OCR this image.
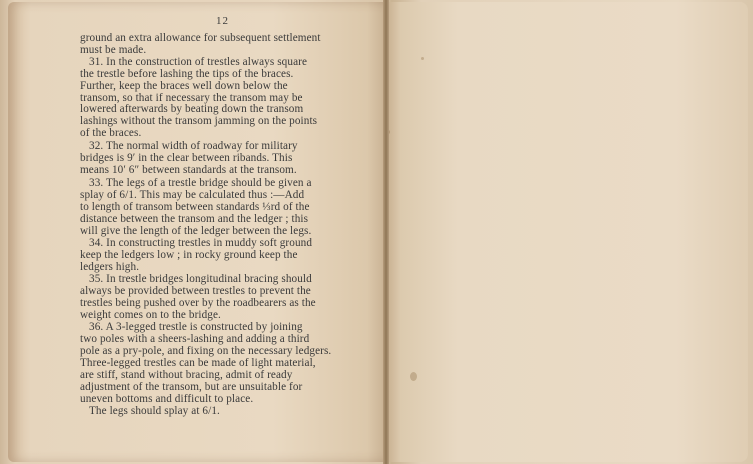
12
ground an extra allowance for subsequent settlement
must be made.
31. In the construction of trestles always square
the trestle before lashing the tips of the braces.
Further, keep the braces well down below the
transom, so that if necessary the transom may be
lowered afterwards by beating down the transom
lashings without the transom jamming on the points
of the braces.
32. The normal width of roadway for military
bridges is 9′ in the clear between ribands. This
means 10′ 6″ between standards at the transom.
33. The legs of a trestle bridge should be given a
splay of 6/1. This may be calculated thus :—Add
to length of transom between standards ⅓rd of the
distance between the transom and the ledger ; this
will give the length of the ledger between the legs.
34. In constructing trestles in muddy soft ground
keep the ledgers low ; in rocky ground keep the
ledgers high.
35. In trestle bridges longitudinal bracing should
always be provided between trestles to prevent the
trestles being pushed over by the roadbearers as the
weight comes on to the bridge.
36. A 3-legged trestle is constructed by joining
two poles with a sheers-lashing and adding a third
pole as a pry-pole, and fixing on the necessary ledgers.
Three-legged trestles can be made of light material,
are stiff, stand without bracing, admit of ready
adjustment of the transom, but are unsuitable for
uneven bottoms and difficult to place.
The legs should splay at 6/1.
